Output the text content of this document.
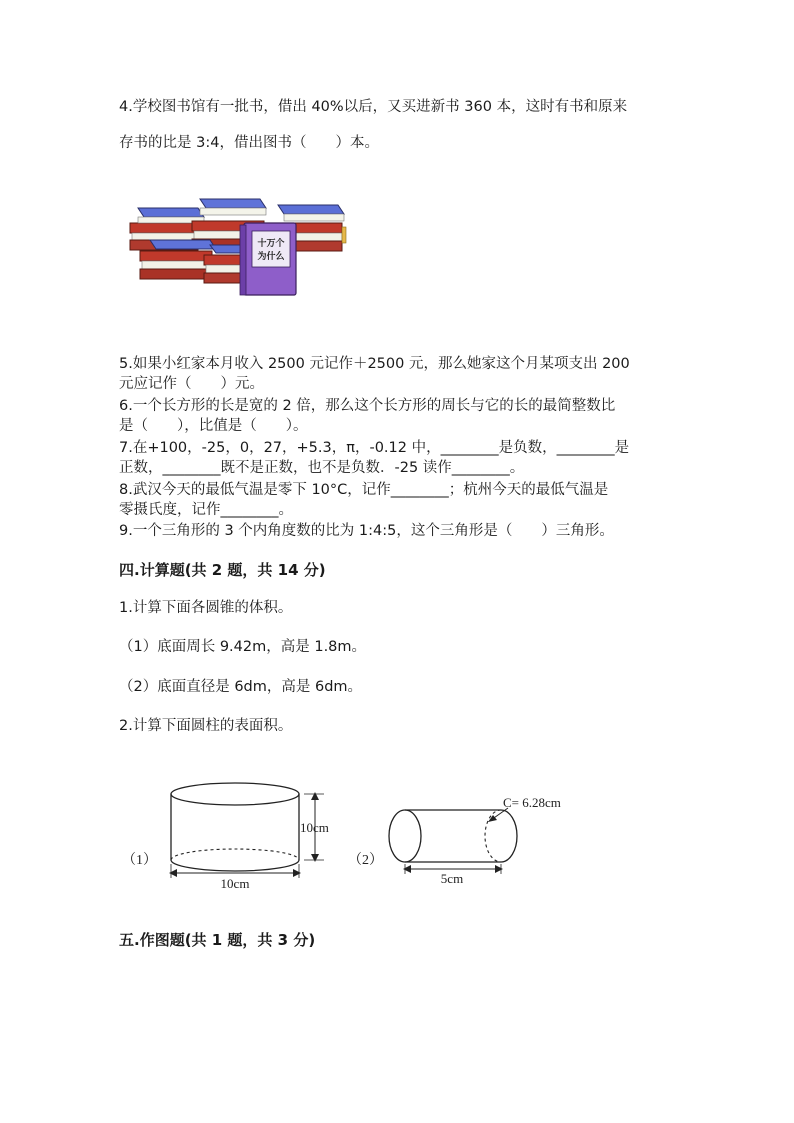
4.学校图书馆有一批书，借出 40%以后，又买进新书 360 本，这时有书和原来
存书的比是 3:4，借出图书（　　）本。
十万个
为什么
5.如果小红家本月收入 2500 元记作＋2500 元，那么她家这个月某项支出 200
元应记作（　　）元。
6.一个长方形的长是宽的 2 倍，那么这个长方形的周长与它的长的最简整数比
是（　　），比值是（　　）。
7.在+100，-25，0，27，+5.3，π，-0.12 中，________是负数，________是
正数，________既不是正数，也不是负数．-25 读作________。
8.武汉今天的最低气温是零下 10°C，记作________；杭州今天的最低气温是
零摄氏度，记作________。
9.一个三角形的 3 个内角度数的比为 1:4:5，这个三角形是（　　）三角形。
四.计算题(共 2 题，共 14 分)
1.计算下面各圆锥的体积。
（1）底面周长 9.42m，高是 1.8m。
（2）底面直径是 6dm，高是 6dm。
2.计算下面圆柱的表面积。
（1）
10cm
10cm
（2）
C= 6.28cm
5cm
五.作图题(共 1 题，共 3 分)
